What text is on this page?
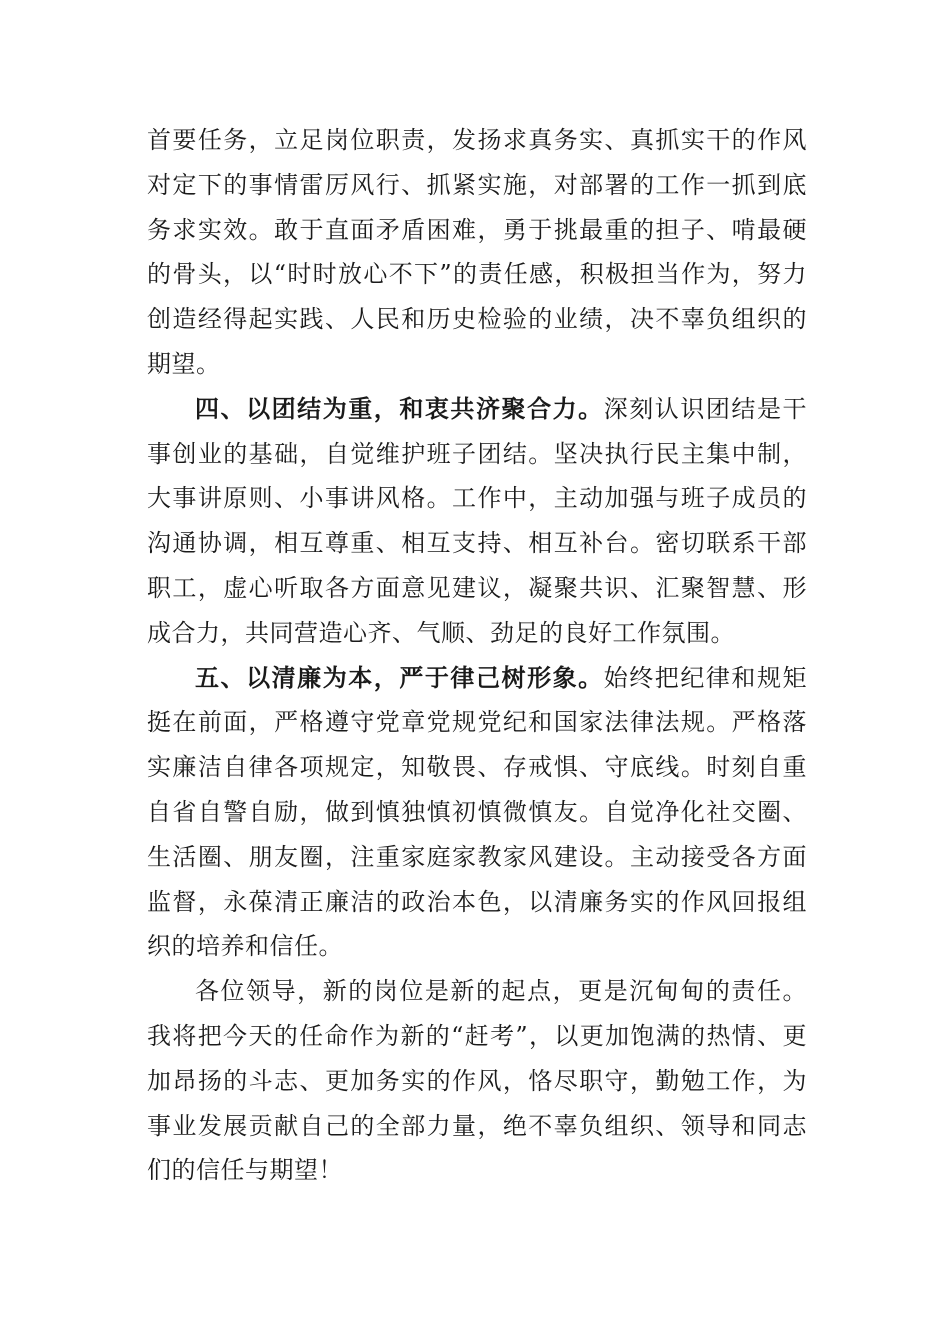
首要任务，立足岗位职责，发扬求真务实、真抓实干的作风对定下的事情雷厉风行、抓紧实施，对部署的工作一抓到底务求实效。敢于直面矛盾困难，勇于挑最重的担子、啃最硬的骨头，以“时时放心不下”的责任感，积极担当作为，努力创造经得起实践、人民和历史检验的业绩，决不辜负组织的期望。

四、以团结为重，和衷共济聚合力。深刻认识团结是干事创业的基础，自觉维护班子团结。坚决执行民主集中制，大事讲原则、小事讲风格。工作中，主动加强与班子成员的沟通协调，相互尊重、相互支持、相互补台。密切联系干部职工，虚心听取各方面意见建议，凝聚共识、汇聚智慧、形成合力，共同营造心齐、气顺、劲足的良好工作氛围。

五、以清廉为本，严于律己树形象。始终把纪律和规矩挺在前面，严格遵守党章党规党纪和国家法律法规。严格落实廉洁自律各项规定，知敬畏、存戒惧、守底线。时刻自重自省自警自励，做到慎独慎初慎微慎友。自觉净化社交圈、生活圈、朋友圈，注重家庭家教家风建设。主动接受各方面监督，永葆清正廉洁的政治本色，以清廉务实的作风回报组织的培养和信任。

各位领导，新的岗位是新的起点，更是沉甸甸的责任。我将把今天的任命作为新的“赶考”，以更加饱满的热情、更加昂扬的斗志、更加务实的作风，恪尽职守，勤勉工作，为事业发展贡献自己的全部力量，绝不辜负组织、领导和同志们的信任与期望！
